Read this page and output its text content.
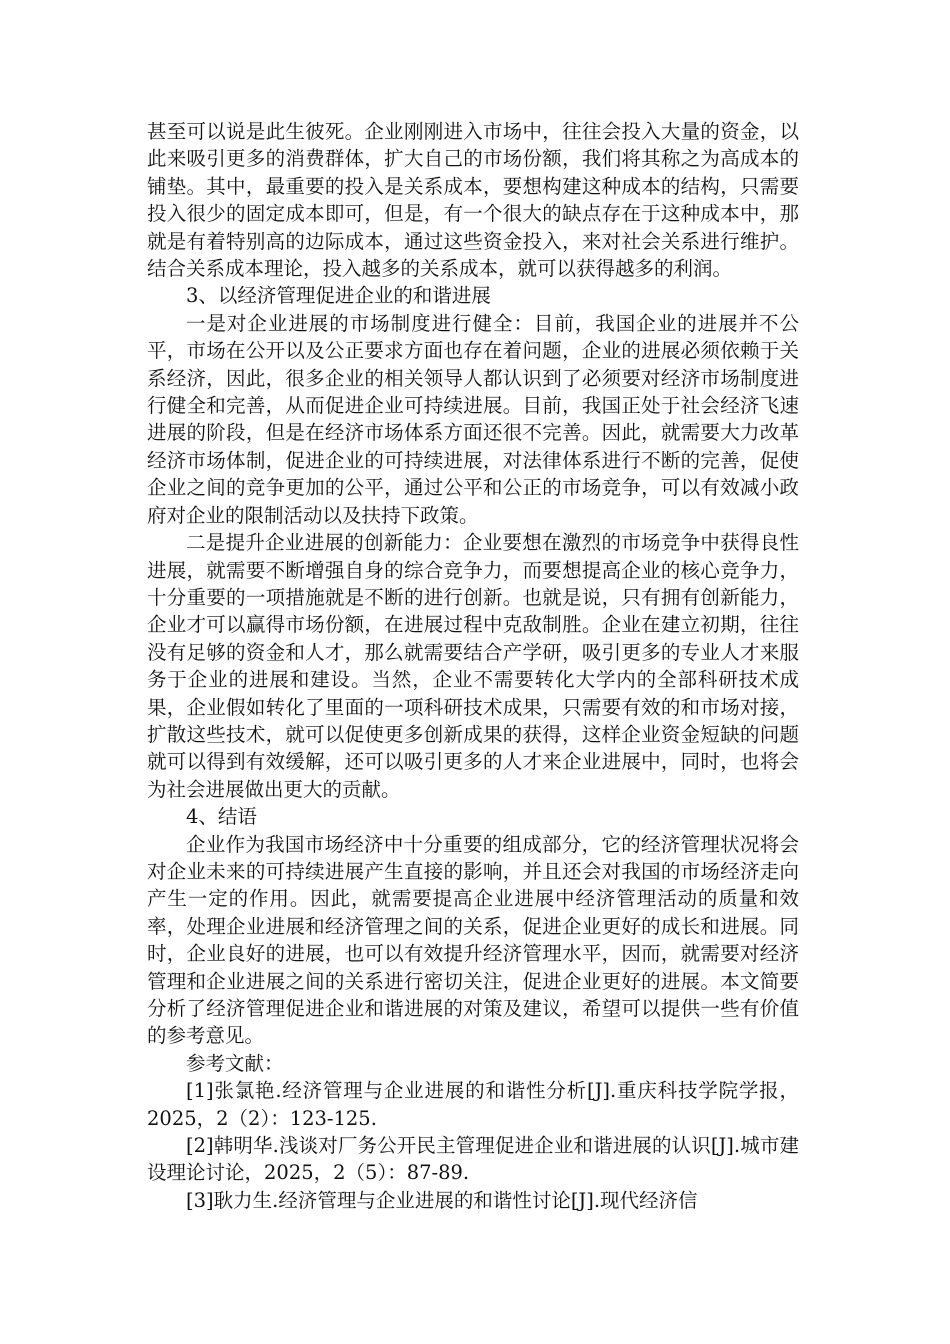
甚至可以说是此生彼死。企业刚刚进入市场中，往往会投入大量的资金，以此来吸引更多的消费群体，扩大自己的市场份额，我们将其称之为高成本的铺垫。其中，最重要的投入是关系成本，要想构建这种成本的结构，只需要投入很少的固定成本即可，但是，有一个很大的缺点存在于这种成本中，那就是有着特别高的边际成本，通过这些资金投入，来对社会关系进行维护。结合关系成本理论，投入越多的关系成本，就可以获得越多的利润。

3、以经济管理促进企业的和谐进展

一是对企业进展的市场制度进行健全：目前，我国企业的进展并不公平，市场在公开以及公正要求方面也存在着问题，企业的进展必须依赖于关系经济，因此，很多企业的相关领导人都认识到了必须要对经济市场制度进行健全和完善，从而促进企业可持续进展。目前，我国正处于社会经济飞速进展的阶段，但是在经济市场体系方面还很不完善。因此，就需要大力改革经济市场体制，促进企业的可持续进展，对法律体系进行不断的完善，促使企业之间的竞争更加的公平，通过公平和公正的市场竞争，可以有效减小政府对企业的限制活动以及扶持下政策。

二是提升企业进展的创新能力：企业要想在激烈的市场竞争中获得良性进展，就需要不断增强自身的综合竞争力，而要想提高企业的核心竞争力，十分重要的一项措施就是不断的进行创新。也就是说，只有拥有创新能力，企业才可以赢得市场份额，在进展过程中克敌制胜。企业在建立初期，往往没有足够的资金和人才，那么就需要结合产学研，吸引更多的专业人才来服务于企业的进展和建设。当然，企业不需要转化大学内的全部科研技术成果，企业假如转化了里面的一项科研技术成果，只需要有效的和市场对接，扩散这些技术，就可以促使更多创新成果的获得，这样企业资金短缺的问题就可以得到有效缓解，还可以吸引更多的人才来企业进展中，同时，也将会为社会进展做出更大的贡献。

4、结语

企业作为我国市场经济中十分重要的组成部分，它的经济管理状况将会对企业未来的可持续进展产生直接的影响，并且还会对我国的市场经济走向产生一定的作用。因此，就需要提高企业进展中经济管理活动的质量和效率，处理企业进展和经济管理之间的关系，促进企业更好的成长和进展。同时，企业良好的进展，也可以有效提升经济管理水平，因而，就需要对经济管理和企业进展之间的关系进行密切关注，促进企业更好的进展。本文简要分析了经济管理促进企业和谐进展的对策及建议，希望可以提供一些有价值的参考意见。

参考文献：

[1]张氯艳.经济管理与企业进展的和谐性分析[J].重庆科技学院学报，2025，2（2）：123-125.

[2]韩明华.浅谈对厂务公开民主管理促进企业和谐进展的认识[J].城市建设理论讨论，2025，2（5）：87-89.

[3]耿力生.经济管理与企业进展的和谐性讨论[J].现代经济信
